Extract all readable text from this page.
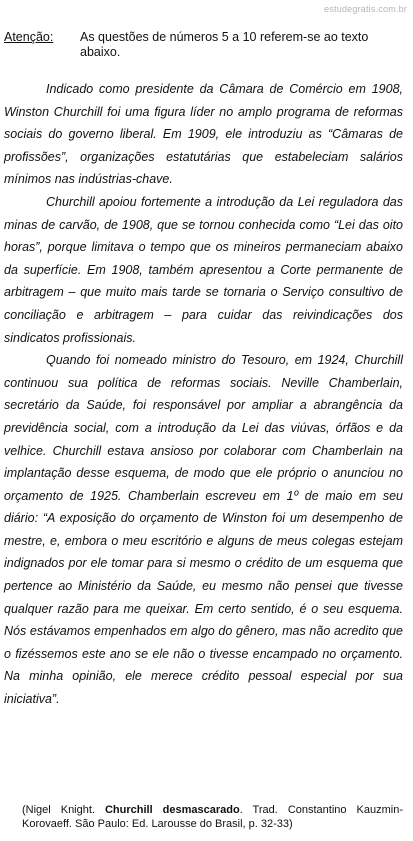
estudegratis.com.br
Atenção: As questões de números 5 a 10 referem-se ao texto abaixo.

Indicado como presidente da Câmara de Comércio em 1908, Winston Churchill foi uma figura líder no amplo programa de reformas sociais do governo liberal. Em 1909, ele introduziu as “Câmaras de profissões”, organizações estatutárias que estabeleciam salários mínimos nas indústrias-chave.

Churchill apoiou fortemente a introdução da Lei reguladora das minas de carvão, de 1908, que se tornou conhecida como “Lei das oito horas”, porque limitava o tempo que os mineiros permaneciam abaixo da superfície. Em 1908, também apresentou a Corte permanente de arbitragem – que muito mais tarde se tornaria o Serviço consultivo de conciliação e arbitragem – para cuidar das reivindicações dos sindicatos profissionais.

Quando foi nomeado ministro do Tesouro, em 1924, Churchill continuou sua política de reformas sociais. Neville Chamberlain, secretário da Saúde, foi responsável por ampliar a abrangência da previdência social, com a introdução da Lei das viúvas, órfãos e da velhice. Churchill estava ansioso por colaborar com Chamberlain na implantação desse esquema, de modo que ele próprio o anunciou no orçamento de 1925. Chamberlain escreveu em 1º de maio em seu diário: “A exposição do orçamento de Winston foi um desempenho de mestre, e, embora o meu escritório e alguns de meus colegas estejam indignados por ele tomar para si mesmo o crédito de um esquema que pertence ao Ministério da Saúde, eu mesmo não pensei que tivesse qualquer razão para me queixar. Em certo sentido, é o seu esquema. Nós estávamos empenhados em algo do gênero, mas não acredito que o fizéssemos este ano se ele não o tivesse encampado no orçamento. Na minha opinião, ele merece crédito pessoal especial por sua iniciativa”.

(Nigel Knight. Churchill desmascarado. Trad. Constantino Kauzmin-Korovaeff. São Paulo: Ed. Larousse do Brasil, p. 32-33)
